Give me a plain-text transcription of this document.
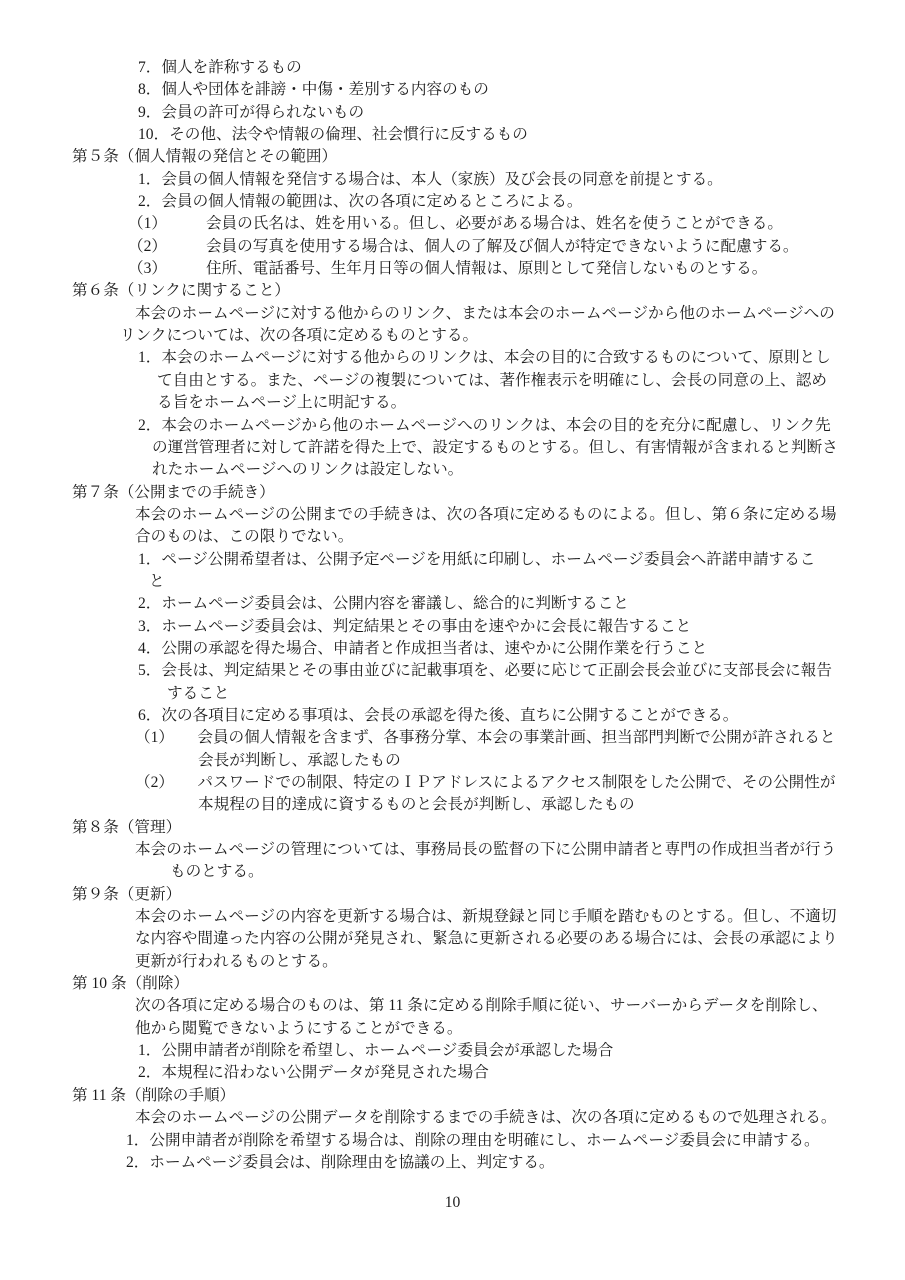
7．個人を詐称するもの
8．個人や団体を誹謗・中傷・差別する内容のもの
9．会員の許可が得られないもの
10．その他、法令や情報の倫理、社会慣行に反するもの
第５条（個人情報の発信とその範囲）
1．会員の個人情報を発信する場合は、本人（家族）及び会長の同意を前提とする。
2．会員の個人情報の範囲は、次の各項に定めるところによる。
（1）　　　会員の氏名は、姓を用いる。但し、必要がある場合は、姓名を使うことができる。
（2）　　　会員の写真を使用する場合は、個人の了解及び個人が特定できないように配慮する。
（3）　　　住所、電話番号、生年月日等の個人情報は、原則として発信しないものとする。
第６条（リンクに関すること）
本会のホームページに対する他からのリンク、または本会のホームページから他のホームページへの
リンクについては、次の各項に定めるものとする。
1．本会のホームページに対する他からのリンクは、本会の目的に合致するものについて、原則とし
て自由とする。また、ページの複製については、著作権表示を明確にし、会長の同意の上、認め
る旨をホームページ上に明記する。
2．本会のホームページから他のホームページへのリンクは、本会の目的を充分に配慮し、リンク先
の運営管理者に対して許諾を得た上で、設定するものとする。但し、有害情報が含まれると判断さ
れたホームページへのリンクは設定しない。
第７条（公開までの手続き）
本会のホームページの公開までの手続きは、次の各項に定めるものによる。但し、第６条に定める場
合のものは、この限りでない。
1．ページ公開希望者は、公開予定ページを用紙に印刷し、ホームページ委員会へ許諾申請するこ
と
2．ホームページ委員会は、公開内容を審議し、総合的に判断すること
3．ホームページ委員会は、判定結果とその事由を速やかに会長に報告すること
4．公開の承認を得た場合、申請者と作成担当者は、速やかに公開作業を行うこと
5．会長は、判定結果とその事由並びに記載事項を、必要に応じて正副会長会並びに支部長会に報告
すること
6．次の各項目に定める事項は、会長の承認を得た後、直ちに公開することができる。
（1）　　会員の個人情報を含まず、各事務分掌、本会の事業計画、担当部門判断で公開が許されると
会長が判断し、承認したもの
（2）　　パスワードでの制限、特定のＩＰアドレスによるアクセス制限をした公開で、その公開性が
本規程の目的達成に資するものと会長が判断し、承認したもの
第８条（管理）
本会のホームページの管理については、事務局長の監督の下に公開申請者と専門の作成担当者が行う
ものとする。
第９条（更新）
本会のホームページの内容を更新する場合は、新規登録と同じ手順を踏むものとする。但し、不適切
な内容や間違った内容の公開が発見され、緊急に更新される必要のある場合には、会長の承認により
更新が行われるものとする。
第 10 条（削除）
次の各項に定める場合のものは、第 11 条に定める削除手順に従い、サーバーからデータを削除し、
他から閲覧できないようにすることができる。
1．公開申請者が削除を希望し、ホームページ委員会が承認した場合
2．本規程に沿わない公開データが発見された場合
第 11 条（削除の手順）
本会のホームページの公開データを削除するまでの手続きは、次の各項に定めるもので処理される。
1．公開申請者が削除を希望する場合は、削除の理由を明確にし、ホームページ委員会に申請する。
2．ホームページ委員会は、削除理由を協議の上、判定する。
10
